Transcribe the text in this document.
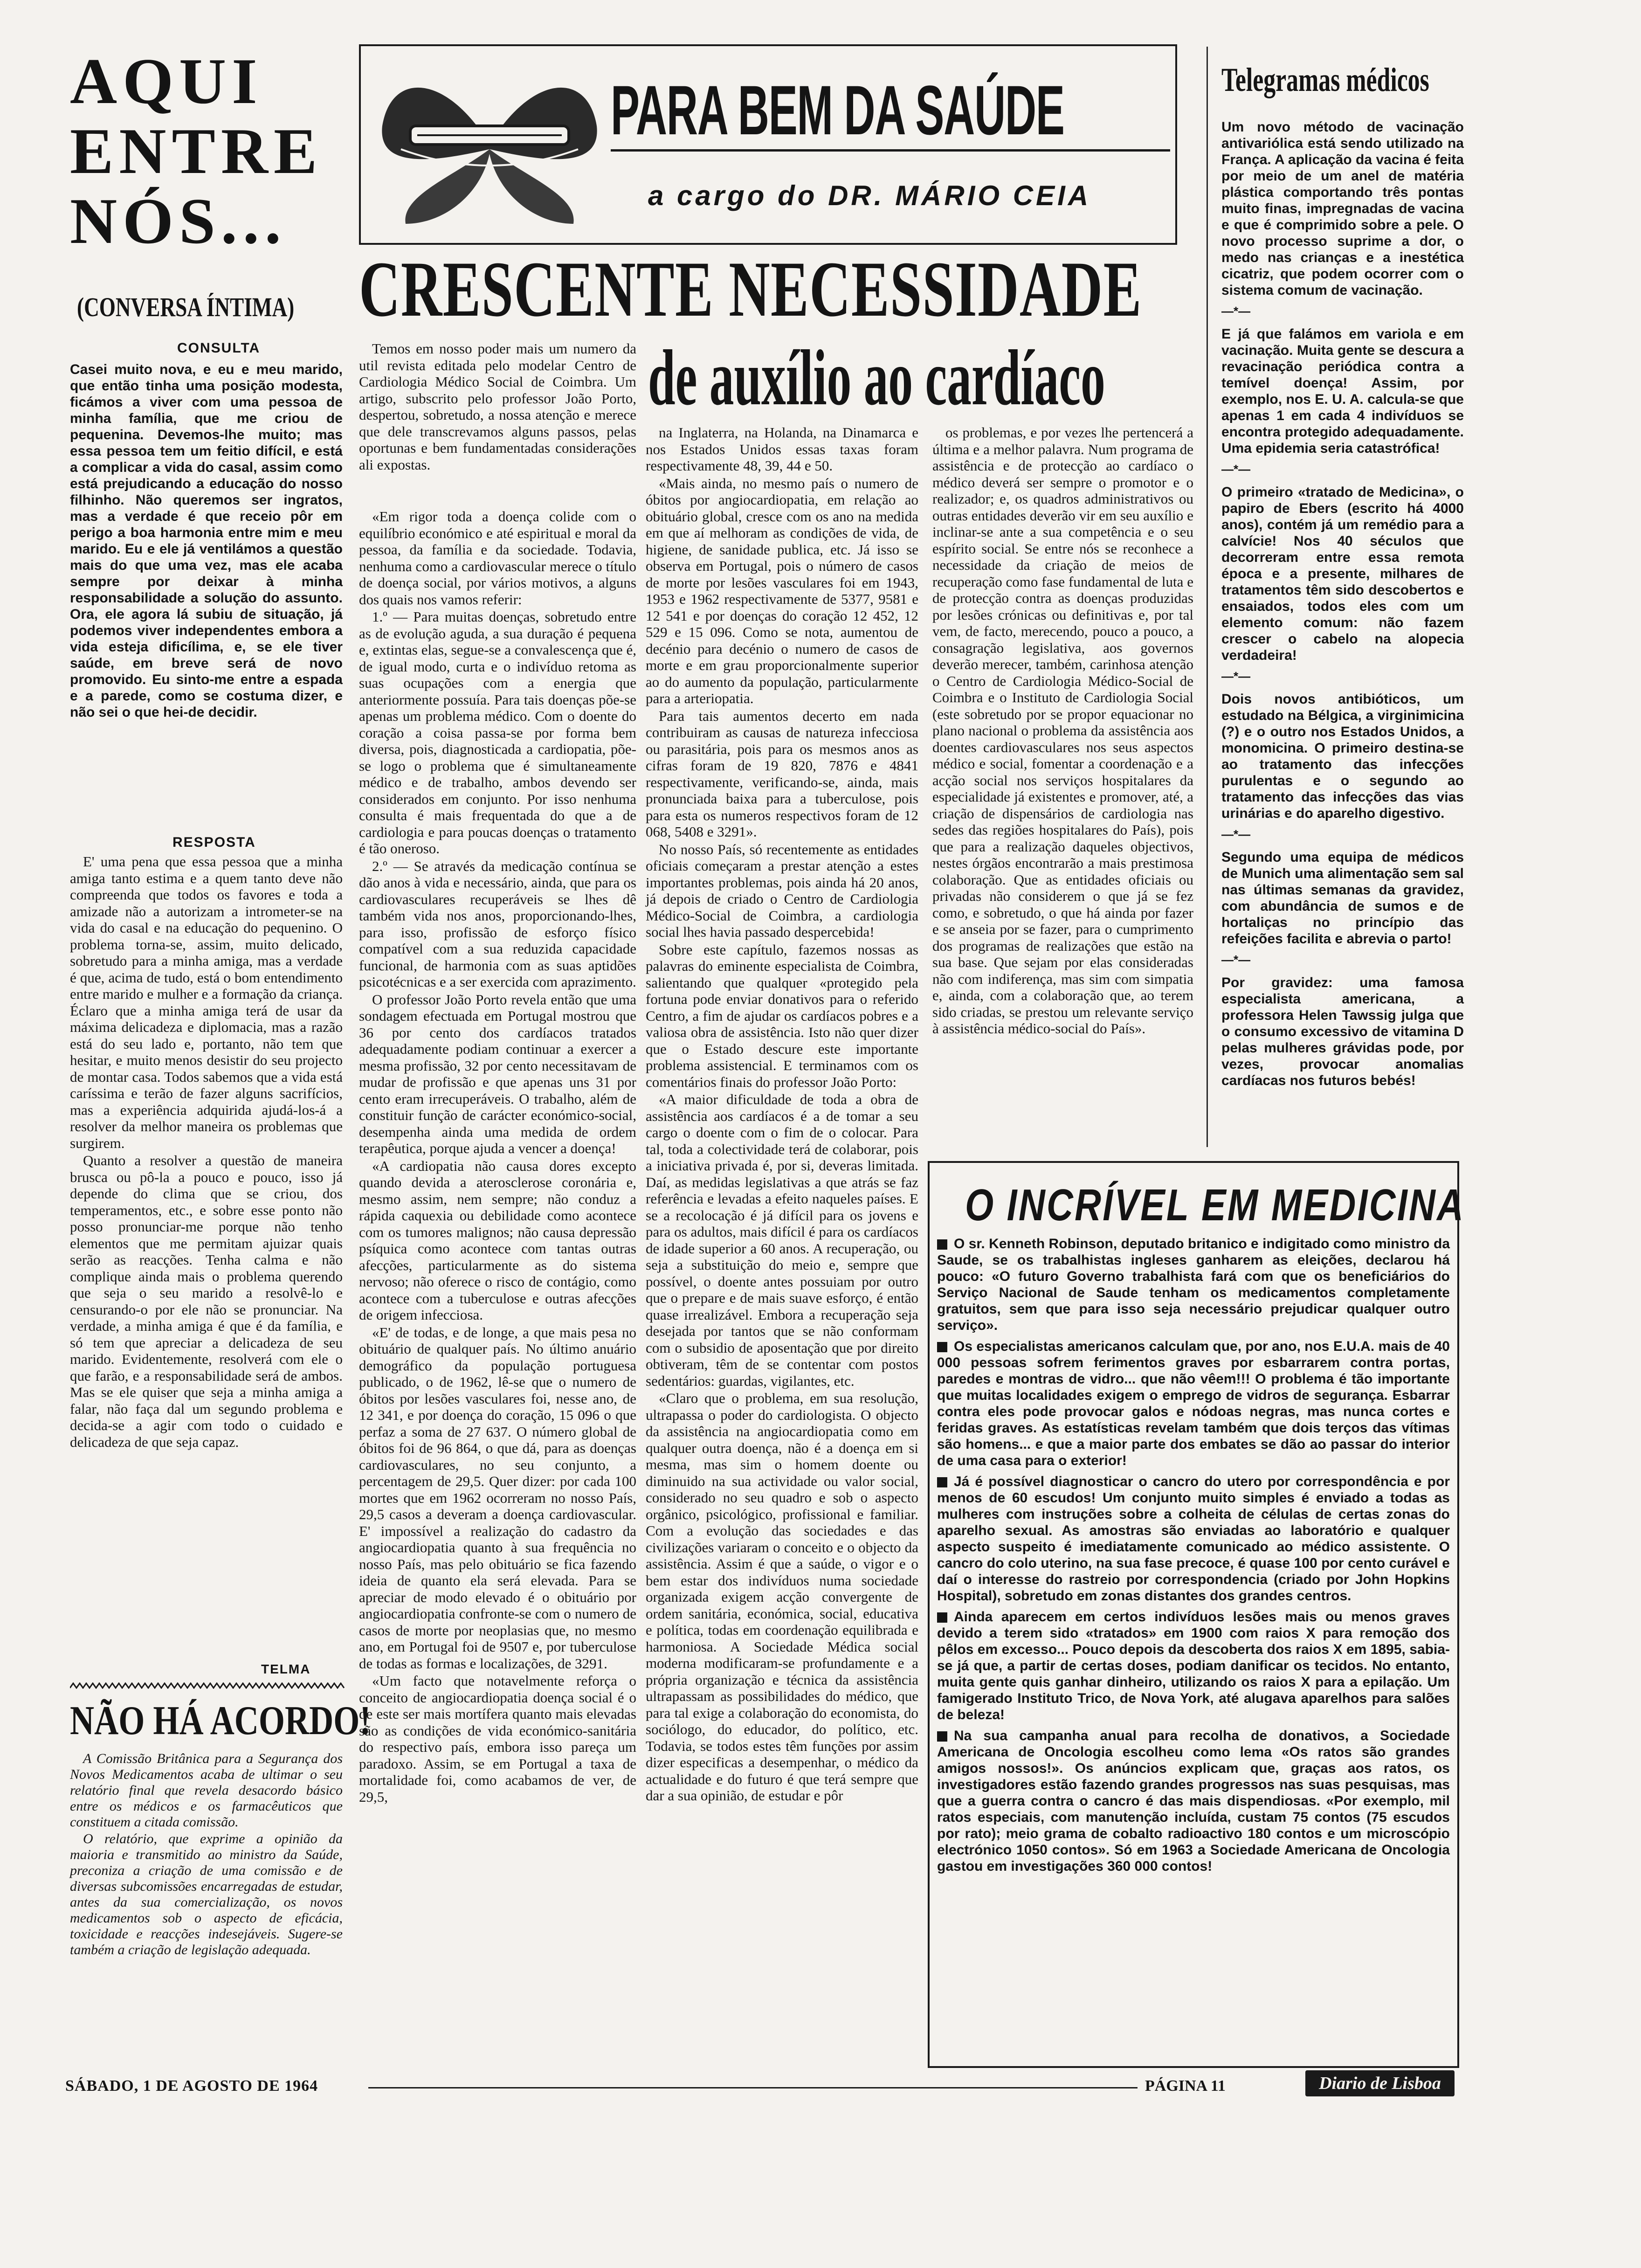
AQUI ENTRE NÓS...
(CONVERSA ÍNTIMA)
CONSULTA

Casei muito nova, e eu e meu marido, que então tinha uma posição modesta, ficámos a viver com uma pessoa de minha família, que me criou de pequenina. Devemos-lhe muito; mas essa pessoa tem um feitio difícil, e está a complicar a vida do casal, assim como está prejudicando a educação do nosso filhinho. Não queremos ser ingratos, mas a verdade é que receio pôr em perigo a boa harmonia entre mim e meu marido. Eu e ele já ventilámos a questão mais do que uma vez, mas ele acaba sempre por deixar à minha responsabilidade a solução do assunto. Ora, ele agora lá subiu de situação, já podemos viver independentes embora a vida esteja dificílima, e, se ele tiver saúde, em breve será de novo promovido. Eu sinto-me entre a espada e a parede, como se costuma dizer, e não sei o que hei-de decidir.

RESPOSTA

E' uma pena que essa pessoa que a minha amiga tanto estima e a quem tanto deve não compreenda que todos os favores e toda a amizade não a autorizam a intrometer-se na vida do casal e na educação do pequenino. O problema torna-se, assim, muito delicado, sobretudo para a minha amiga, mas a verdade é que, acima de tudo, está o bom entendimento entre marido e mulher e a formação da criança. Éclaro que a minha amiga terá de usar da máxima delicadeza e diplomacia, mas a razão está do seu lado e, portanto, não tem que hesitar, e muito menos desistir do seu projecto de montar casa. Todos sabemos que a vida está caríssima e terão de fazer alguns sacrifícios, mas a experiência adquirida ajudá-los-á a resolver da melhor maneira os problemas que surgirem.

Quanto a resolver a questão de maneira brusca ou pô-la a pouco e pouco, isso já depende do clima que se criou, dos temperamentos, etc., e sobre esse ponto não posso pronunciar-me porque não tenho elementos que me permitam ajuizar quais serão as reacções. Tenha calma e não complique ainda mais o problema querendo que seja o seu marido a resolvê-lo e censurando-o por ele não se pronunciar. Na verdade, a minha amiga é que é da família, e só tem que apreciar a delicadeza de seu marido. Evidentemente, resolverá com ele o que farão, e a responsabilidade será de ambos. Mas se ele quiser que seja a minha amiga a falar, não faça dal um segundo problema e decida-se a agir com todo o cuidado e delicadeza de que seja capaz.

TELMA
NÃO HÁ ACORDO!

A Comissão Britânica para a Segurança dos Novos Medicamentos acaba de ultimar o seu relatório final que revela desacordo básico entre os médicos e os farmacêuticos que constituem a citada comissão.

O relatório, que exprime a opinião da maioria e transmitido ao ministro da Saúde, preconiza a criação de uma comissão e de diversas subcomissões encarregadas de estudar, antes da sua comercialização, os novos medicamentos sob o aspecto de eficácia, toxicidade e reacções indesejáveis. Sugere-se também a criação de legislação adequada.

PARA BEM DA SAÚDE
a cargo do DR. MÁRIO CEIA
CRESCENTE NECESSIDADE
de auxílio ao cardíaco

Temos em nosso poder mais um numero da util revista editada pelo modelar Centro de Cardiologia Médico Social de Coimbra. Um artigo, subscrito pelo professor João Porto, despertou, sobretudo, a nossa atenção e merece que dele transcrevamos alguns passos, pelas oportunas e bem fundamentadas considerações ali expostas.

«Em rigor toda a doença colide com o equilíbrio económico e até espiritual e moral da pessoa, da família e da sociedade. Todavia, nenhuma como a cardiovascular merece o título de doença social, por vários motivos, a alguns dos quais nos vamos referir:

1.º — Para muitas doenças, sobretudo entre as de evolução aguda, a sua duração é pequena e, extintas elas, segue-se a convalescença que é, de igual modo, curta e o indivíduo retoma as suas ocupações com a energia que anteriormente possuía. Para tais doenças põe-se apenas um problema médico. Com o doente do coração a coisa passa-se por forma bem diversa, pois, diagnosticada a cardiopatia, põe-se logo o problema que é simultaneamente médico e de trabalho, ambos devendo ser considerados em conjunto. Por isso nenhuma consulta é mais frequentada do que a de cardiologia e para poucas doenças o tratamento é tão oneroso.

2.º — Se através da medicação contínua se dão anos à vida e necessário, ainda, que para os cardiovasculares recuperáveis se lhes dê também vida nos anos, proporcionando-lhes, para isso, profissão de esforço físico compatível com a sua reduzida capacidade funcional, de harmonia com as suas aptidões psicotécnicas e a ser exercida com aprazimento.

O professor João Porto revela então que uma sondagem efectuada em Portugal mostrou que 36 por cento dos cardíacos tratados adequadamente podiam continuar a exercer a mesma profissão, 32 por cento necessitavam de mudar de profissão e que apenas uns 31 por cento eram irrecuperáveis. O trabalho, além de constituir função de carácter económico-social, desempenha ainda uma medida de ordem terapêutica, porque ajuda a vencer a doença!

«A cardiopatia não causa dores excepto quando devida a aterosclerose coronária e, mesmo assim, nem sempre; não conduz a rápida caquexia ou debilidade como acontece com os tumores malignos; não causa depressão psíquica como acontece com tantas outras afecções, particularmente as do sistema nervoso; não oferece o risco de contágio, como acontece com a tuberculose e outras afecções de origem infecciosa.

«E' de todas, e de longe, a que mais pesa no obituário de qualquer país. No último anuário demográfico da população portuguesa publicado, o de 1962, lê-se que o numero de óbitos por lesões vasculares foi, nesse ano, de 12 341, e por doença do coração, 15 096 o que perfaz a soma de 27 637. O número global de óbitos foi de 96 864, o que dá, para as doenças cardiovasculares, no seu conjunto, a percentagem de 29,5. Quer dizer: por cada 100 mortes que em 1962 ocorreram no nosso País, 29,5 casos a deveram a doença cardiovascular. E' impossível a realização do cadastro da angiocardiopatia quanto à sua frequência no nosso País, mas pelo obituário se fica fazendo ideia de quanto ela será elevada. Para se apreciar de modo elevado é o obituário por angiocardiopatia confronte-se com o numero de casos de morte por neoplasias que, no mesmo ano, em Portugal foi de 9507 e, por tuberculose de todas as formas e localizações, de 3291.

«Um facto que notavelmente reforça o conceito de angiocardiopatia doença social é o de este ser mais mortífera quanto mais elevadas são as condições de vida económico-sanitária do respectivo país, embora isso pareça um paradoxo. Assim, se em Portugal a taxa de mortalidade foi, como acabamos de ver, de 29,5,

na Inglaterra, na Holanda, na Dinamarca e nos Estados Unidos essas taxas foram respectivamente 48, 39, 44 e 50.

«Mais ainda, no mesmo país o numero de óbitos por angiocardiopatia, em relação ao obituário global, cresce com os ano na medida em que aí melhoram as condições de vida, de higiene, de sanidade publica, etc. Já isso se observa em Portugal, pois o número de casos de morte por lesões vasculares foi em 1943, 1953 e 1962 respectivamente de 5377, 9581 e 12 541 e por doenças do coração 12 452, 12 529 e 15 096. Como se nota, aumentou de decénio para decénio o numero de casos de morte e em grau proporcionalmente superior ao do aumento da população, particularmente para a arteriopatia.

Para tais aumentos decerto em nada contribuiram as causas de natureza infecciosa ou parasitária, pois para os mesmos anos as cifras foram de 19 820, 7876 e 4841 respectivamente, verificando-se, ainda, mais pronunciada baixa para a tuberculose, pois para esta os numeros respectivos foram de 12 068, 5408 e 3291».

No nosso País, só recentemente as entidades oficiais começaram a prestar atenção a estes importantes problemas, pois ainda há 20 anos, já depois de criado o Centro de Cardiologia Médico-Social de Coimbra, a cardiologia social lhes havia passado despercebida!

Sobre este capítulo, fazemos nossas as palavras do eminente especialista de Coimbra, salientando que qualquer «protegido pela fortuna pode enviar donativos para o referido Centro, a fim de ajudar os cardíacos pobres e a valiosa obra de assistência. Isto não quer dizer que o Estado descure este importante problema assistencial. E terminamos com os comentários finais do professor João Porto:

«A maior dificuldade de toda a obra de assistência aos cardíacos é a de tomar a seu cargo o doente com o fim de o colocar. Para tal, toda a colectividade terá de colaborar, pois a iniciativa privada é, por si, deveras limitada. Daí, as medidas legislativas a que atrás se faz referência e levadas a efeito naqueles países. E se a recolocação é já difícil para os jovens e para os adultos, mais difícil é para os cardíacos de idade superior a 60 anos. A recuperação, ou seja a substituição do meio e, sempre que possível, o doente antes possuiam por outro que o prepare e de mais suave esforço, é então quase irrealizável. Embora a recuperação seja desejada por tantos que se não conformam com o subsidio de aposentação que por direito obtiveram, têm de se contentar com postos sedentários: guardas, vigilantes, etc.

«Claro que o problema, em sua resolução, ultrapassa o poder do cardiologista. O objecto da assistência na angiocardiopatia como em qualquer outra doença, não é a doença em si mesma, mas sim o homem doente ou diminuido na sua actividade ou valor social, considerado no seu quadro e sob o aspecto orgânico, psicológico, profissional e familiar. Com a evolução das sociedades e das civilizações variaram o conceito e o objecto da assistência. Assim é que a saúde, o vigor e o bem estar dos indivíduos numa sociedade organizada exigem acção convergente de ordem sanitária, económica, social, educativa e política, todas em coordenação equilibrada e harmoniosa. A Sociedade Médica social moderna modificaram-se profundamente e a própria organização e técnica da assistência ultrapassam as possibilidades do médico, que para tal exige a colaboração do economista, do sociólogo, do educador, do político, etc. Todavia, se todos estes têm funções por assim dizer especificas a desempenhar, o médico da actualidade e do futuro é que terá sempre que dar a sua opinião, de estudar e pôr

os problemas, e por vezes lhe pertencerá a última e a melhor palavra. Num programa de assistência e de protecção ao cardíaco o médico deverá ser sempre o promotor e o realizador; e, os quadros administrativos ou outras entidades deverão vir em seu auxílio e inclinar-se ante a sua competência e o seu espírito social. Se entre nós se reconhece a necessidade da criação de meios de recuperação como fase fundamental de luta e de protecção contra as doenças produzidas por lesões crónicas ou definitivas e, por tal vem, de facto, merecendo, pouco a pouco, a consagração legislativa, aos governos deverão merecer, também, carinhosa atenção o Centro de Cardiologia Médico-Social de Coimbra e o Instituto de Cardiologia Social (este sobretudo por se propor equacionar no plano nacional o problema da assistência aos doentes cardiovasculares nos seus aspectos médico e social, fomentar a coordenação e a acção social nos serviços hospitalares da especialidade já existentes e promover, até, a criação de dispensários de cardiologia nas sedes das regiões hospitalares do País), pois que para a realização daqueles objectivos, nestes órgãos encontrarão a mais prestimosa colaboração. Que as entidades oficiais ou privadas não considerem o que já se fez como, e sobretudo, o que há ainda por fazer e se anseia por se fazer, para o cumprimento dos programas de realizações que estão na sua base. Que sejam por elas consideradas não com indiferença, mas sim com simpatia e, ainda, com a colaboração que, ao terem sido criadas, se prestou um relevante serviço à assistência médico-social do País».

Telegramas médicos

Um novo método de vacinação antivariólica está sendo utilizado na França. A aplicação da vacina é feita por meio de um anel de matéria plástica comportando três pontas muito finas, impregnadas de vacina e que é comprimido sobre a pele. O novo processo suprime a dor, o medo nas crianças e a inestética cicatriz, que podem ocorrer com o sistema comum de vacinação.

—*—

E já que falámos em variola e em vacinação. Muita gente se descura a revacinação periódica contra a temível doença! Assim, por exemplo, nos E. U. A. calcula-se que apenas 1 em cada 4 indivíduos se encontra protegido adequadamente. Uma epidemia seria catastrófica!

—*—

O primeiro «tratado de Medicina», o papiro de Ebers (escrito há 4000 anos), contém já um remédio para a calvície! Nos 40 séculos que decorreram entre essa remota época e a presente, milhares de tratamentos têm sido descobertos e ensaiados, todos eles com um elemento comum: não fazem crescer o cabelo na alopecia verdadeira!

—*—

Dois novos antibióticos, um estudado na Bélgica, a virginimicina (?) e o outro nos Estados Unidos, a monomicina. O primeiro destina-se ao tratamento das infecções purulentas e o segundo ao tratamento das infecções das vias urinárias e do aparelho digestivo.

—*—

Segundo uma equipa de médicos de Munich uma alimentação sem sal nas últimas semanas da gravidez, com abundância de sumos e de hortaliças no princípio das refeições facilita e abrevia o parto!

—*—

Por gravidez: uma famosa especialista americana, a professora Helen Tawssig julga que o consumo excessivo de vitamina D pelas mulheres grávidas pode, por vezes, provocar anomalias cardíacas nos futuros bebés!

O INCRÍVEL EM MEDICINA

O sr. Kenneth Robinson, deputado britanico e indigitado como ministro da Saude, se os trabalhistas ingleses ganharem as eleições, declarou há pouco: «O futuro Governo trabalhista fará com que os beneficiários do Serviço Nacional de Saude tenham os medicamentos completamente gratuitos, sem que para isso seja necessário prejudicar qualquer outro serviço».

Os especialistas americanos calculam que, por ano, nos E.U.A. mais de 40 000 pessoas sofrem ferimentos graves por esbarrarem contra portas, paredes e montras de vidro... que não vêem!!! O problema é tão importante que muitas localidades exigem o emprego de vidros de segurança. Esbarrar contra eles pode provocar galos e nódoas negras, mas nunca cortes e feridas graves. As estatísticas revelam também que dois terços das vítimas são homens... e que a maior parte dos embates se dão ao passar do interior de uma casa para o exterior!

Já é possível diagnosticar o cancro do utero por correspondência e por menos de 60 escudos! Um conjunto muito simples é enviado a todas as mulheres com instruções sobre a colheita de células de certas zonas do aparelho sexual. As amostras são enviadas ao laboratório e qualquer aspecto suspeito é imediatamente comunicado ao médico assistente. O cancro do colo uterino, na sua fase precoce, é quase 100 por cento curável e daí o interesse do rastreio por correspondencia (criado por John Hopkins Hospital), sobretudo em zonas distantes dos grandes centros.

Ainda aparecem em certos indivíduos lesões mais ou menos graves devido a terem sido «tratados» em 1900 com raios X para remoção dos pêlos em excesso... Pouco depois da descoberta dos raios X em 1895, sabia-se já que, a partir de certas doses, podiam danificar os tecidos. No entanto, muita gente quis ganhar dinheiro, utilizando os raios X para a epilação. Um famigerado Instituto Trico, de Nova York, até alugava aparelhos para salões de beleza!

Na sua campanha anual para recolha de donativos, a Sociedade Americana de Oncologia escolheu como lema «Os ratos são grandes amigos nossos!». Os anúncios explicam que, graças aos ratos, os investigadores estão fazendo grandes progressos nas suas pesquisas, mas que a guerra contra o cancro é das mais dispendiosas. «Por exemplo, mil ratos especiais, com manutenção incluída, custam 75 contos (75 escudos por rato); meio grama de cobalto radioactivo 180 contos e um microscópio electrónico 1050 contos». Só em 1963 a Sociedade Americana de Oncologia gastou em investigações 360 000 contos!

SÁBADO, 1 DE AGOSTO DE 1964	PÁGINA 11	Diario de Lisboa
